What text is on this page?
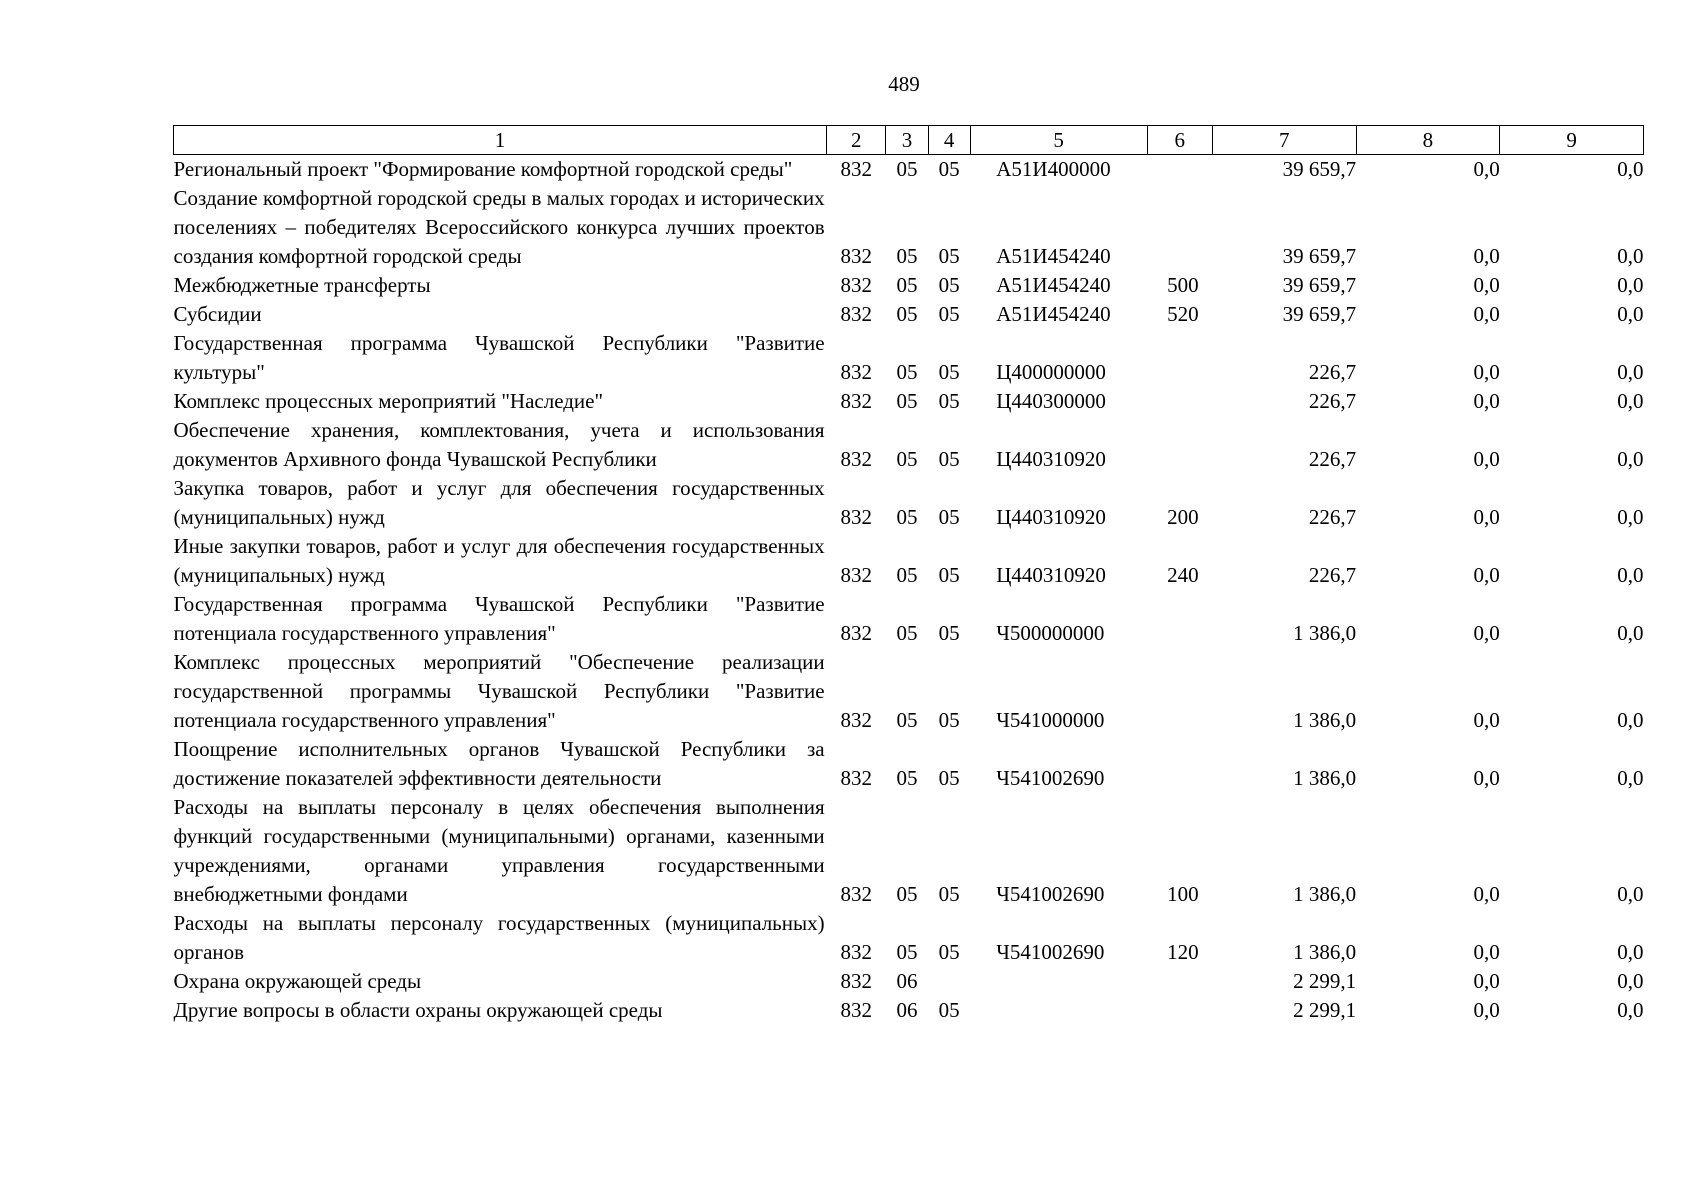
489
1	2	3	4	5	6	7	8	9
Региональный проект "Формирование комфортной городской среды"	832	05	05	А51И400000		39 659,7	0,0	0,0
Создание комфортной городской среды в малых городах и исторических поселениях – победителях Всероссийского конкурса лучших проектов создания комфортной городской среды	832	05	05	А51И454240		39 659,7	0,0	0,0
Межбюджетные трансферты	832	05	05	А51И454240	500	39 659,7	0,0	0,0
Субсидии	832	05	05	А51И454240	520	39 659,7	0,0	0,0
Государственная программа Чувашской Республики "Развитие культуры"	832	05	05	Ц400000000		226,7	0,0	0,0
Комплекс процессных мероприятий "Наследие"	832	05	05	Ц440300000		226,7	0,0	0,0
Обеспечение хранения, комплектования, учета и использования документов Архивного фонда Чувашской Республики	832	05	05	Ц440310920		226,7	0,0	0,0
Закупка товаров, работ и услуг для обеспечения государственных (муниципальных) нужд	832	05	05	Ц440310920	200	226,7	0,0	0,0
Иные закупки товаров, работ и услуг для обеспечения государственных (муниципальных) нужд	832	05	05	Ц440310920	240	226,7	0,0	0,0
Государственная программа Чувашской Республики "Развитие потенциала государственного управления"	832	05	05	Ч500000000		1 386,0	0,0	0,0
Комплекс процессных мероприятий "Обеспечение реализации государственной программы Чувашской Республики "Развитие потенциала государственного управления"	832	05	05	Ч541000000		1 386,0	0,0	0,0
Поощрение исполнительных органов Чувашской Республики за достижение показателей эффективности деятельности	832	05	05	Ч541002690		1 386,0	0,0	0,0
Расходы на выплаты персоналу в целях обеспечения выполнения функций государственными (муниципальными) органами, казенными учреждениями, органами управления государственными внебюджетными фондами	832	05	05	Ч541002690	100	1 386,0	0,0	0,0
Расходы на выплаты персоналу государственных (муниципальных) органов	832	05	05	Ч541002690	120	1 386,0	0,0	0,0
Охрана окружающей среды	832	06				2 299,1	0,0	0,0
Другие вопросы в области охраны окружающей среды	832	06	05			2 299,1	0,0	0,0
